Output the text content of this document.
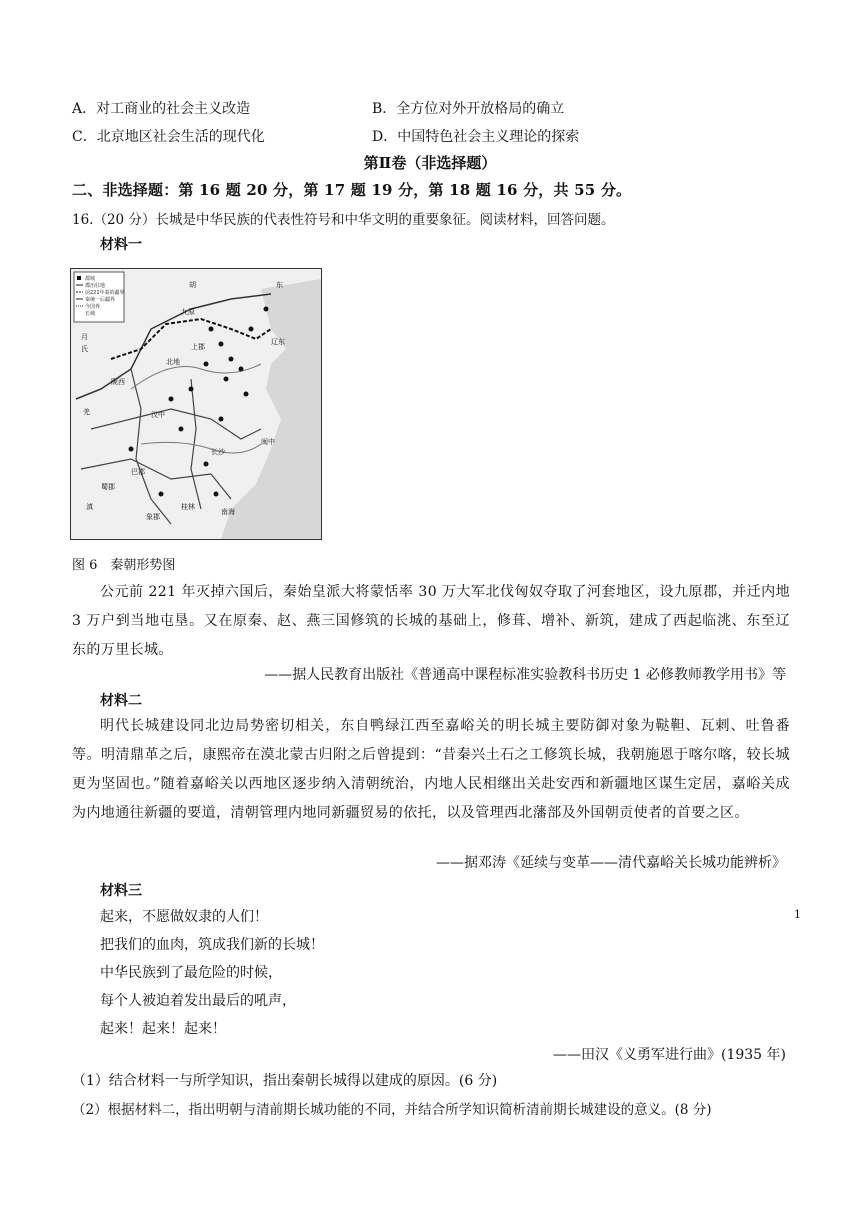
A．对工商业的社会主义改造	B．全方位对外开放格局的确立
C．北京地区社会生活的现代化	D．中国特色社会主义理论的探索
第Ⅱ卷（非选择题）
二、非选择题：第 16 题 20 分，第 17 题 19 分，第 18 题 16 分，共 55 分。
16.（20 分）长城是中华民族的代表性符号和中华文明的重要象征。阅读材料，回答问题。
材料一
都城
郡治驻地
前221年秦的疆界
秦统一后疆界
今国界
长城
东
胡
九原
陇西
上郡
北地
汉中
巴郡
蜀郡
长沙
闽中
南海
桂林
象郡
辽东
月
氏
羌
滇
图 6　秦朝形势图
公元前 221 年灭掉六国后，秦始皇派大将蒙恬率 30 万大军北伐匈奴夺取了河套地区，设九原郡，并迁内地 3 万户到当地屯垦。又在原秦、赵、燕三国修筑的长城的基础上，修葺、增补、新筑，建成了西起临洮、东至辽东的万里长城。
——据人民教育出版社《普通高中课程标准实验教科书历史 1 必修教师教学用书》等
材料二
明代长城建设同北边局势密切相关，东自鸭绿江西至嘉峪关的明长城主要防御对象为鞑靼、瓦剌、吐鲁番等。明清鼎革之后，康熙帝在漠北蒙古归附之后曾提到：“昔秦兴土石之工修筑长城，我朝施恩于喀尔喀，较长城更为坚固也。”随着嘉峪关以西地区逐步纳入清朝统治，内地人民相继出关赴安西和新疆地区谋生定居，嘉峪关成为内地通往新疆的要道，清朝管理内地同新疆贸易的依托，以及管理西北藩部及外国朝贡使者的首要之区。
——据邓涛《延续与变革——清代嘉峪关长城功能辨析》
材料三
起来，不愿做奴隶的人们！
把我们的血肉，筑成我们新的长城！
中华民族到了最危险的时候，
每个人被迫着发出最后的吼声，
起来！起来！起来！
——田汉《义勇军进行曲》(1935 年)
1
（1）结合材料一与所学知识，指出秦朝长城得以建成的原因。(6 分)
（2）根据材料二，指出明朝与清前期长城功能的不同，并结合所学知识简析清前期长城建设的意义。(8 分)
